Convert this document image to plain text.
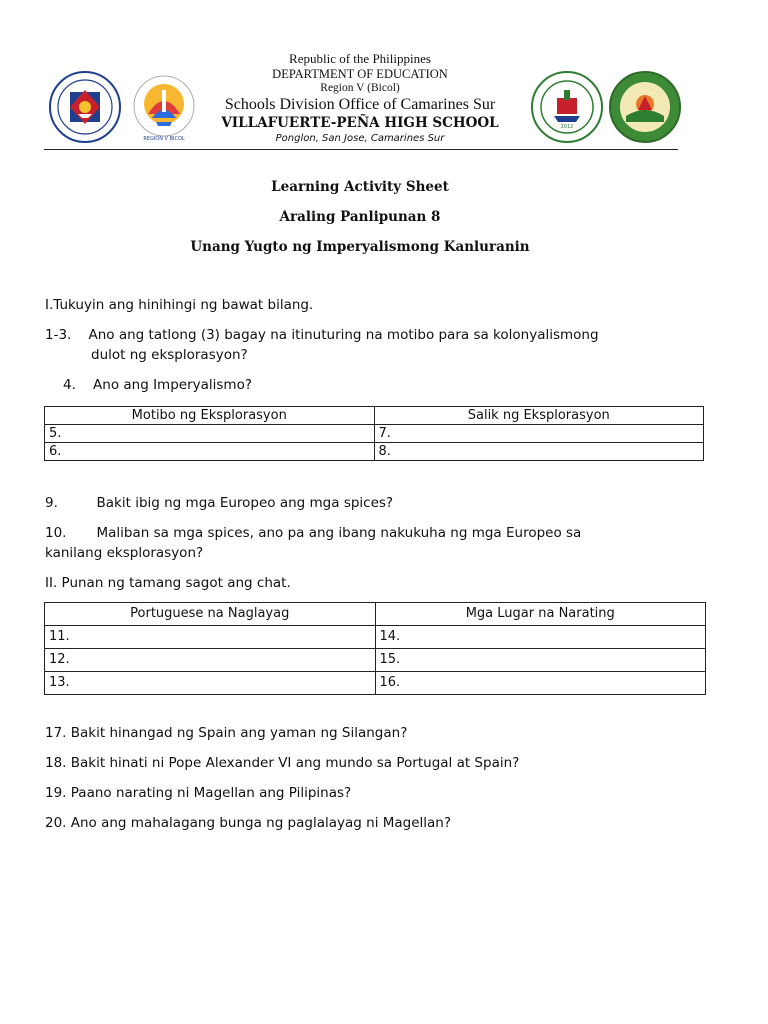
REGION V BICOL
2012
Republic of the Philippines
DEPARTMENT OF EDUCATION
Region V (Bicol)
Schools Division Office of Camarines Sur
VILLAFUERTE-PEÑA HIGH SCHOOL
Ponglon, San Jose, Camarines Sur
Learning Activity Sheet
Araling Panlipunan 8
Unang Yugto ng Imperyalismong Kanluranin
I.Tukuyin ang hinihingi ng bawat bilang.
1-3.    Ano ang tatlong (3) bagay na itinuturing na motibo para sa kolonyalismong
dulot ng eksplorasyon?
4.    Ano ang Imperyalismo?
Motibo ng Eksplorasyon	Salik ng Eksplorasyon
5.	7.
6.	8.
9.         Bakit ibig ng mga Europeo ang mga spices?
10.       Maliban sa mga spices, ano pa ang ibang nakukuha ng mga Europeo sa
kanilang eksplorasyon?
II. Punan ng tamang sagot ang chat.
Portuguese na Naglayag	Mga Lugar na Narating
11.	14.
12.	15.
13.	16.
17. Bakit hinangad ng Spain ang yaman ng Silangan?
18. Bakit hinati ni Pope Alexander VI ang mundo sa Portugal at Spain?
19. Paano narating ni Magellan ang Pilipinas?
20. Ano ang mahalagang bunga ng paglalayag ni Magellan?
